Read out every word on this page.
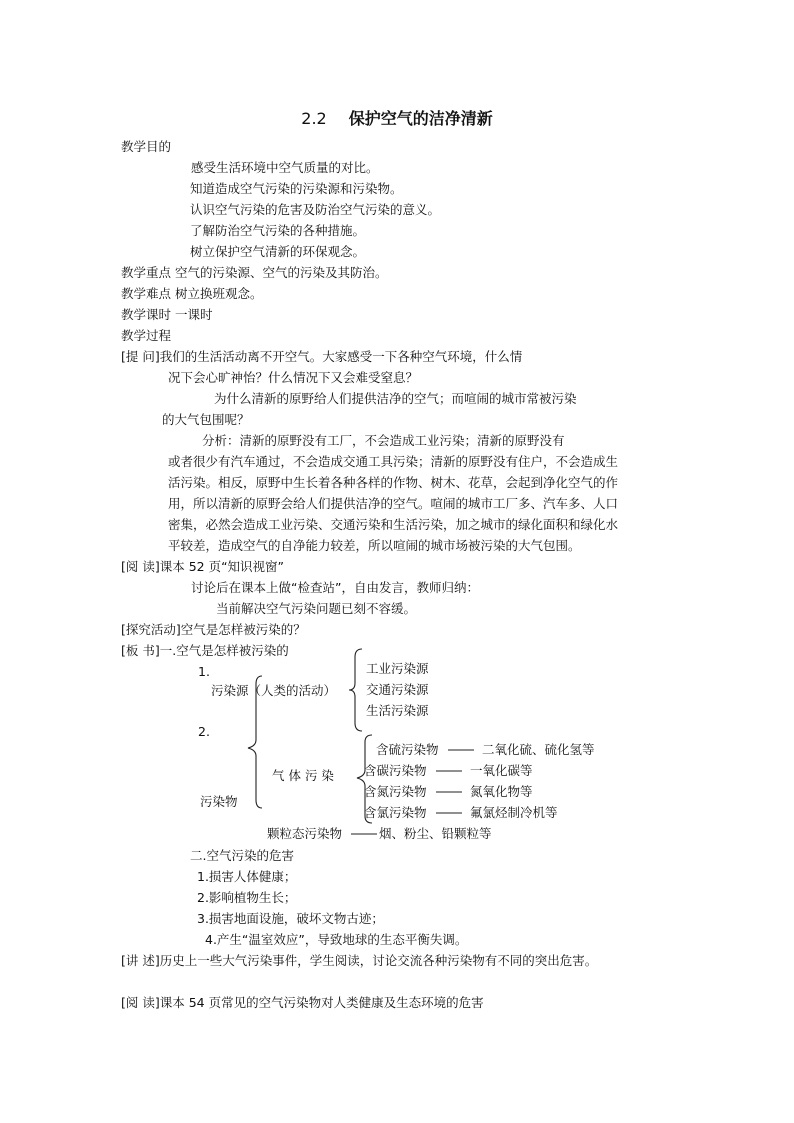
2.2 保护空气的洁净清新
教学目的
感受生活环境中空气质量的对比。
知道造成空气污染的污染源和污染物。
认识空气污染的危害及防治空气污染的意义。
了解防治空气污染的各种措施。
树立保护空气清新的环保观念。
教学重点 空气的污染源、空气的污染及其防治。
教学难点 树立换班观念。
教学课时 一课时
教学过程
[提 问]我们的生活活动离不开空气。大家感受一下各种空气环境，什么情
况下会心旷神怡？什么情况下又会难受窒息？
为什么清新的原野给人们提供洁净的空气；而喧闹的城市常被污染
的大气包围呢？
分析：清新的原野没有工厂，不会造成工业污染；清新的原野没有
或者很少有汽车通过，不会造成交通工具污染；清新的原野没有住户，不会造成生
活污染。相反，原野中生长着各种各样的作物、树木、花草，会起到净化空气的作
用，所以清新的原野会给人们提供洁净的空气。喧闹的城市工厂多、汽车多、人口
密集，必然会造成工业污染、交通污染和生活污染，加之城市的绿化面积和绿化水
平较差，造成空气的自净能力较差，所以喧闹的城市场被污染的大气包围。
[阅 读]课本 52 页“知识视窗”
讨论后在课本上做“检查站”，自由发言，教师归纳：
当前解决空气污染问题已刻不容缓。
[探究活动]空气是怎样被污染的？
[板 书]一.空气是怎样被污染的
1.
污染源（人类的活动）
工业污染源
交通污染源
生活污染源
2.
气 体 污 染
污染物
含硫污染物	二氧化硫、硫化氢等
含碳污染物	一氧化碳等
含氮污染物	氮氧化物等
含氯污染物	氟氯烃制冷机等
颗粒态污染物	烟、粉尘、铅颗粒等
二.空气污染的危害
1.损害人体健康；
2.影响植物生长；
3.损害地面设施，破坏文物古迹；
4.产生“温室效应”，导致地球的生态平衡失调。
[讲 述]历史上一些大气污染事件，学生阅读，讨论交流各种污染物有不同的突出危害。
[阅 读]课本 54 页常见的空气污染物对人类健康及生态环境的危害
